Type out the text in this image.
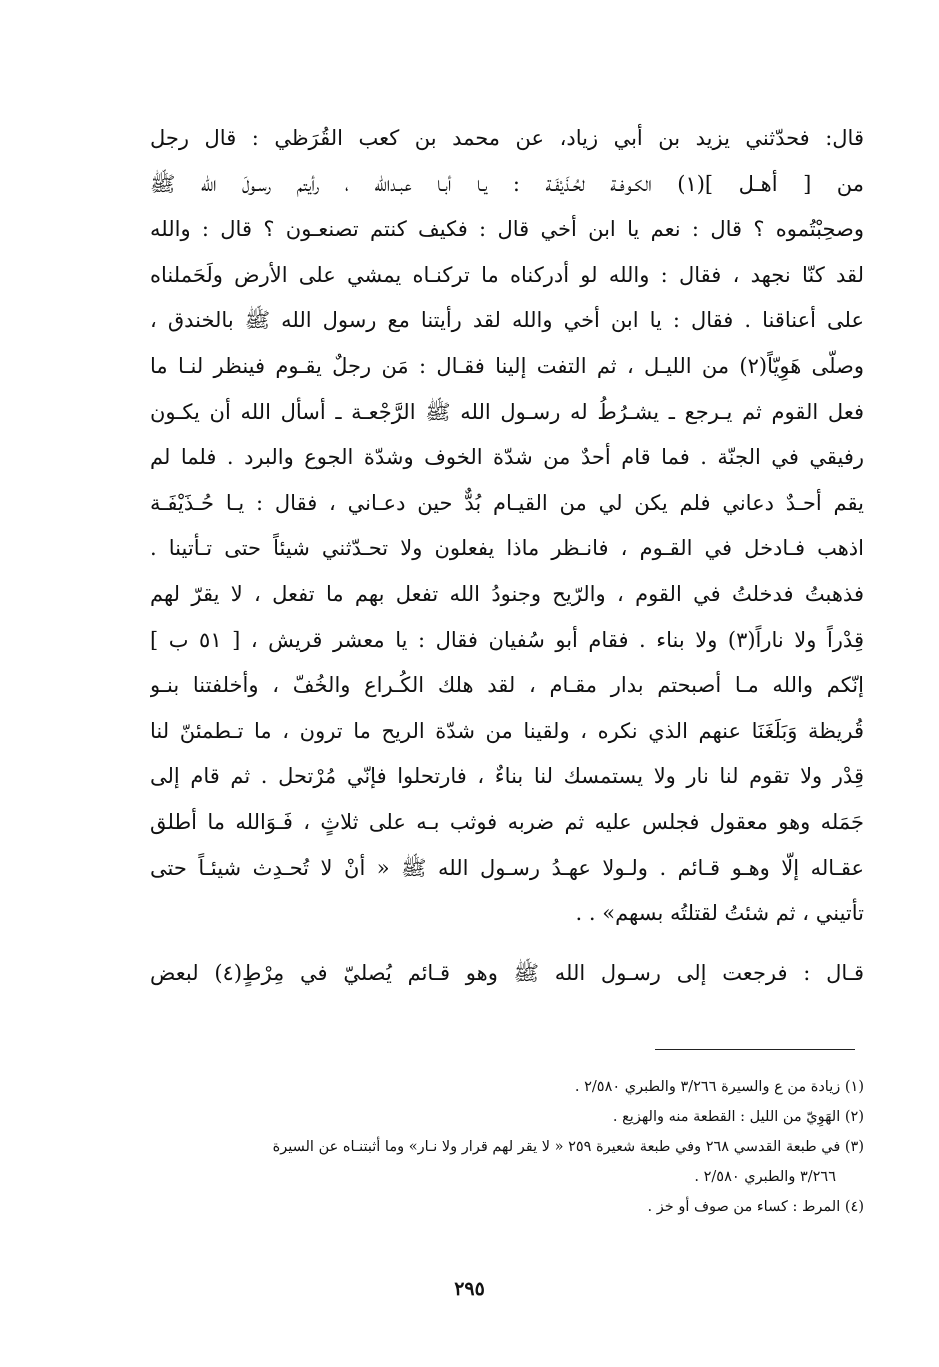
قال: فحدّثني يزيد بن أبي زياد، عن محمد بن كعب القُرَظي : قال رجل
من [ أهـل ](١) الكـوفـة لحُـذَيْفَـة : يـا أبـا عبـدالله ، رأيتم رسـولَ الله ﷺ
وصحِبْتُموه ؟ قال : نعم يا ابن أخي قال : فكيف كنتم تصنعـون ؟ قال : والله
لقد كنّا نجهد ، فقال : والله لو أدركناه ما تركنـاه يمشي على الأرض ولَحَملناه
على أعناقنا . فقال : يا ابن أخي والله لقد رأيتنا مع رسول الله ﷺ بالخندق ،
وصلّى هَوِيّاً(٢) من الليـل ، ثم التفت إلينا فقـال : مَن رجلٌ يقـوم فينظر لنـا ما
فعل القوم ثم يـرجع ـ يشـرُطُ له رسـول الله ﷺ الرَّجْعـة ـ أسأل الله أن يكـون
رفيقي في الجنّة . فما قام أحدٌ من شدّة الخوف وشدّة الجوع والبرد . فلما لم
يقم أحـدٌ دعاني فلم يكن لي من القيـام بُدٌّ حين دعـاني ، فقال : يـا حُـذَيْفَـة
اذهب فـادخل في القـوم ، فانـظر ماذا يفعلون ولا تحـدّثني شيئاً حتى تـأتينا .
فذهبتُ فدخلتُ في القوم ، والرّيح وجنودُ الله تفعل بهم ما تفعل ، لا يقرّ لهم
قِدْراً ولا ناراً(٣) ولا بناء . فقام أبو سُفيان فقال : يا معشر قريش ، [ ٥١ ب ]
إنّكم والله مـا أصبحتم بدار مقـام ، لقد هلك الكُـراع والخُفّ ، وأخلفتنا بنـو
قُريظة وَبَلَغَنَا عنهم الذي نكره ، ولقينا من شدّة الريح ما ترون ، ما تـطمئنّ لنا
قِدْر ولا تقوم لنا نار ولا يستمسك لنا بناءٌ ، فارتحلوا فإنّي مُرْتحل . ثم قام إلى
جَمَله وهو معقول فجلس عليه ثم ضربه فوثب بـه على ثلاثٍ ، فَـوَالله ما أطلق
عقـاله إلّا وهـو قـائم . ولـولا عهـدُ رسـول الله ﷺ « أنْ لا تُحـدِث شيئـاً حتى
تأتيني ، ثم شئتُ لقتلتُه بسهم» . .
قـال : فرجعت إلى رسـول الله ﷺ وهو قـائم يُصليّ في مِرْطٍ(٤) لبعض
(١) زيادة من ع والسيرة ٣/٢٦٦ والطبري ٢/٥٨٠ .
(٢) الهَوِيّ من الليل : القطعة منه والهزيع .
(٣) في طبعة القدسي ٢٦٨ وفي طبعة شعيرة ٢٥٩ « لا يقر لهم قرار ولا نـار» وما أثبتنـاه عن السيرة
٣/٢٦٦ والطبري ٢/٥٨٠ .
(٤) المرط : كساء من صوف أو خز .
٢٩٥
